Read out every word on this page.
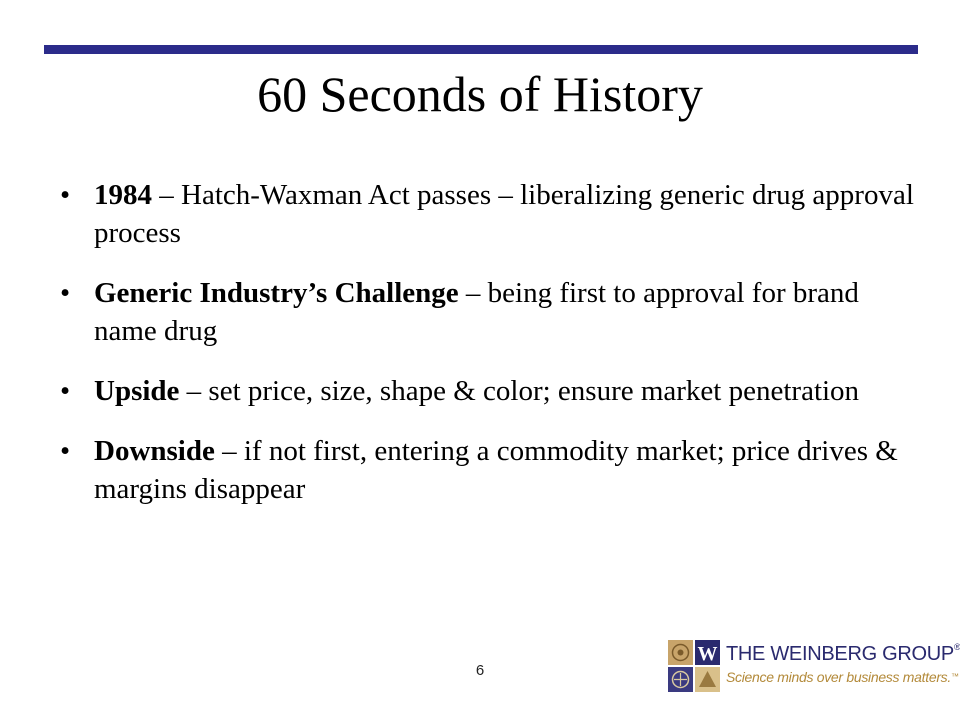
60 Seconds of History
• 1984 – Hatch-Waxman Act passes – liberalizing generic drug approval process
• Generic Industry’s Challenge – being first to approval for brand name drug
• Upside – set price, size, shape & color; ensure market penetration
• Downside – if not first, entering a commodity market; price drives & margins disappear
6
W THE WEINBERG GROUP®
Science minds over business matters.™
